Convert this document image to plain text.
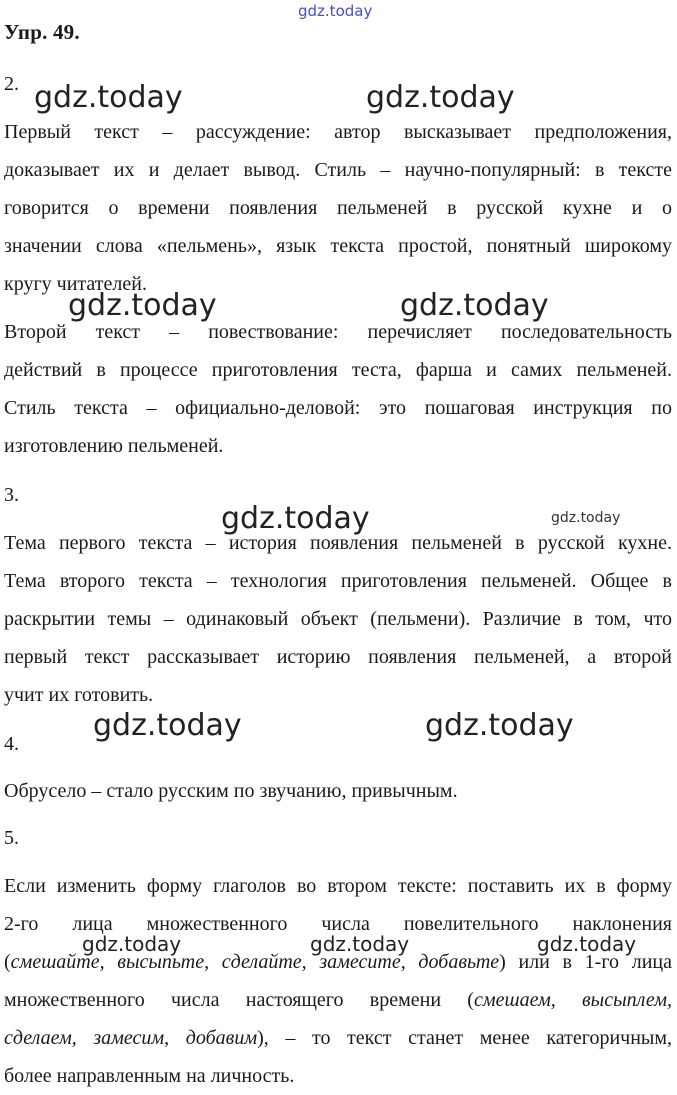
gdz.today
gdz.today	gdz.today
gdz.today	gdz.today
gdz.today	gdz.today
gdz.today	gdz.today
gdz.today	gdz.today	gdz.today
Упр. 49.
2.
Первый текст – рассуждение: автор высказывает предположения,
доказывает их и делает вывод. Стиль – научно-популярный: в тексте
говорится о времени появления пельменей в русской кухне и о
значении слова «пельмень», язык текста простой, понятный широкому
кругу читателей.
Второй текст – повествование: перечисляет последовательность
действий в процессе приготовления теста, фарша и самих пельменей.
Стиль текста – официально-деловой: это пошаговая инструкция по
изготовлению пельменей.
3.
Тема первого текста – история появления пельменей в русской кухне.
Тема второго текста – технология приготовления пельменей. Общее в
раскрытии темы – одинаковый объект (пельмени). Различие в том, что
первый текст рассказывает историю появления пельменей, а второй
учит их готовить.
4.
Обрусело – стало русским по звучанию, привычным.
5.
Если изменить форму глаголов во втором тексте: поставить их в форму
2-го лица множественного числа повелительного наклонения
(смешайте, высыпьте, сделайте, замесите, добавьте) или в 1-го лица
множественного числа настоящего времени (смешаем, высыплем,
сделаем, замесим, добавим), – то текст станет менее категоричным,
более направленным на личность.
